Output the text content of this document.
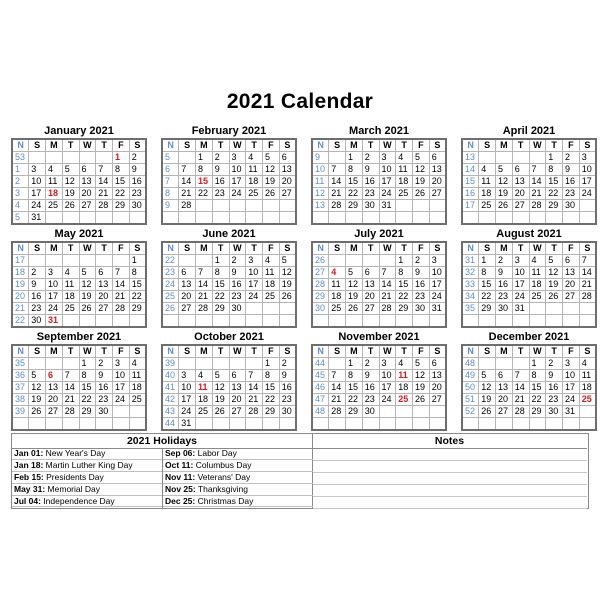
2021 Calendar
January 2021
N	S	M	T	W	T	F	S
53						1	2
1	3	4	5	6	7	8	9
2	10	11	12	13	14	15	16
3	17	18	19	20	21	22	23
4	24	25	26	27	28	29	30
5	31						
February 2021
N	S	M	T	W	T	F	S
5		1	2	3	4	5	6
6	7	8	9	10	11	12	13
7	14	15	16	17	18	19	20
8	21	22	23	24	25	26	27
9	28						

March 2021
N	S	M	T	W	T	F	S
9		1	2	3	4	5	6
10	7	8	9	10	11	12	13
11	14	15	16	17	18	19	20
12	21	22	23	24	25	26	27
13	28	29	30	31			

April 2021
N	S	M	T	W	T	F	S
13					1	2	3
14	4	5	6	7	8	9	10
15	11	12	13	14	15	16	17
16	18	19	20	21	22	23	24
17	25	26	27	28	29	30	

May 2021
N	S	M	T	W	T	F	S
17							1
18	2	3	4	5	6	7	8
19	9	10	11	12	13	14	15
20	16	17	18	19	20	21	22
21	23	24	25	26	27	28	29
22	30	31					
June 2021
N	S	M	T	W	T	F	S
22			1	2	3	4	5
23	6	7	8	9	10	11	12
24	13	14	15	16	17	18	19
25	20	21	22	23	24	25	26
26	27	28	29	30			

July 2021
N	S	M	T	W	T	F	S
26					1	2	3
27	4	5	6	7	8	9	10
28	11	12	13	14	15	16	17
29	18	19	20	21	22	23	24
30	25	26	27	28	29	30	31

August 2021
N	S	M	T	W	T	F	S
31	1	2	3	4	5	6	7
32	8	9	10	11	12	13	14
33	15	16	17	18	19	20	21
34	22	23	24	25	26	27	28
35	29	30	31				

September 2021
N	S	M	T	W	T	F	S
35				1	2	3	4
36	5	6	7	8	9	10	11
37	12	13	14	15	16	17	18
38	19	20	21	22	23	24	25
39	26	27	28	29	30		

October 2021
N	S	M	T	W	T	F	S
39						1	2
40	3	4	5	6	7	8	9
41	10	11	12	13	14	15	16
42	17	18	19	20	21	22	23
43	24	25	26	27	28	29	30
44	31						
November 2021
N	S	M	T	W	T	F	S
44		1	2	3	4	5	6
45	7	8	9	10	11	12	13
46	14	15	16	17	18	19	20
47	21	22	23	24	25	26	27
48	28	29	30				

December 2021
N	S	M	T	W	T	F	S
48				1	2	3	4
49	5	6	7	8	9	10	11
50	12	13	14	15	16	17	18
51	19	20	21	22	23	24	25
52	26	27	28	29	30	31	

2021 Holidays	Notes
Jan 01: New Year's Day
Jan 18: Martin Luther King Day
Feb 15: Presidents Day
May 31: Memorial Day
Jul 04: Independence Day
Sep 06: Labor Day
Oct 11: Columbus Day
Nov 11: Veterans' Day
Nov 25: Thanksgiving
Dec 25: Christmas Day
